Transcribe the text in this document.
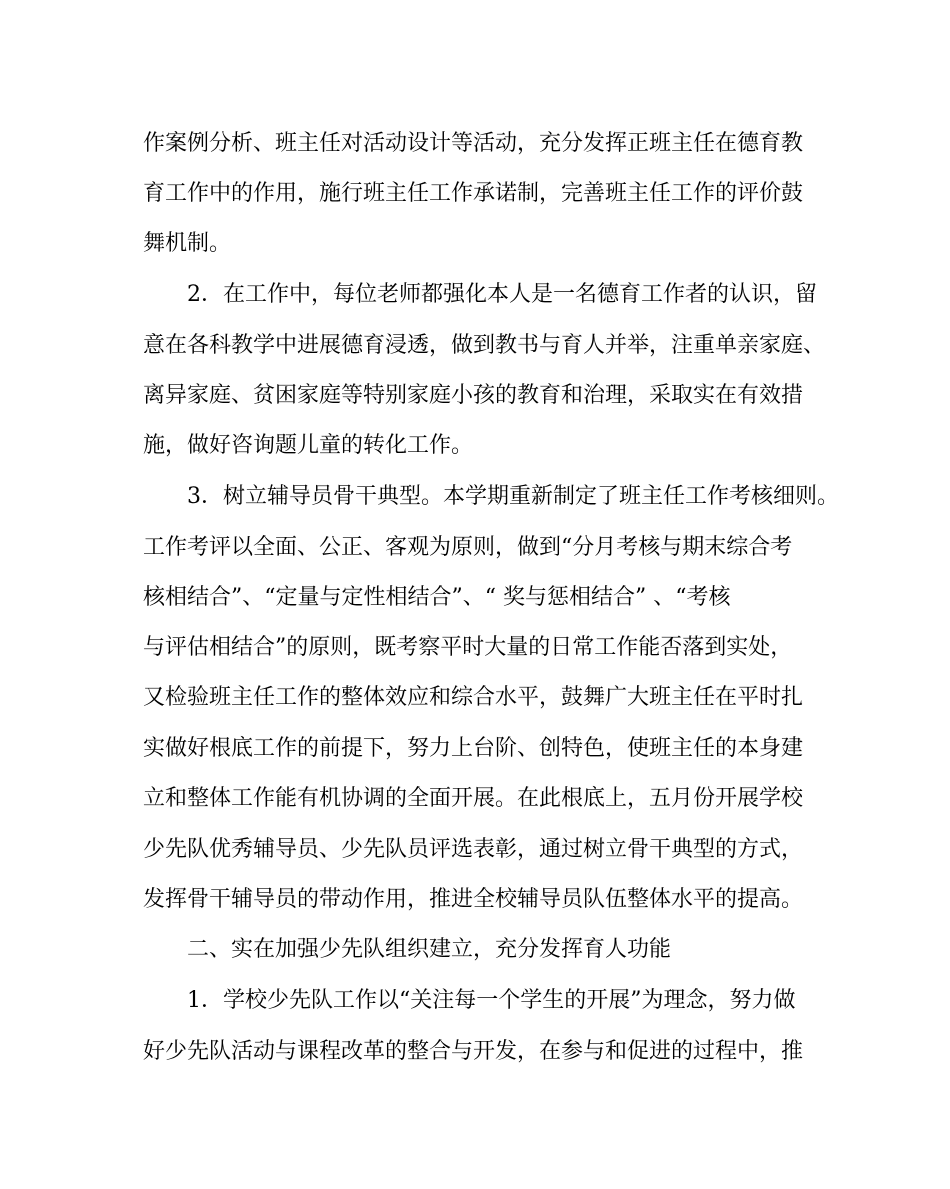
作案例分析、班主任对活动设计等活动，充分发挥正班主任在德育教
育工作中的作用，施行班主任工作承诺制，完善班主任工作的评价鼓
舞机制。
2．在工作中，每位老师都强化本人是一名德育工作者的认识，留
意在各科教学中进展德育浸透，做到教书与育人并举，注重单亲家庭、
离异家庭、贫困家庭等特别家庭小孩的教育和治理，采取实在有效措
施，做好咨询题儿童的转化工作。
3．树立辅导员骨干典型。本学期重新制定了班主任工作考核细则。
工作考评以全面、公正、客观为原则，做到“分月考核与期末综合考
核相结合”、“定量与定性相结合”、“ 奖与惩相结合” 、“考核
与评估相结合”的原则，既考察平时大量的日常工作能否落到实处，
又检验班主任工作的整体效应和综合水平，鼓舞广大班主任在平时扎
实做好根底工作的前提下，努力上台阶、创特色，使班主任的本身建
立和整体工作能有机协调的全面开展。在此根底上，五月份开展学校
少先队优秀辅导员、少先队员评选表彰，通过树立骨干典型的方式，
发挥骨干辅导员的带动作用，推进全校辅导员队伍整体水平的提高。
二、实在加强少先队组织建立，充分发挥育人功能
1．学校少先队工作以“关注每一个学生的开展”为理念，努力做
好少先队活动与课程改革的整合与开发，在参与和促进的过程中，推
